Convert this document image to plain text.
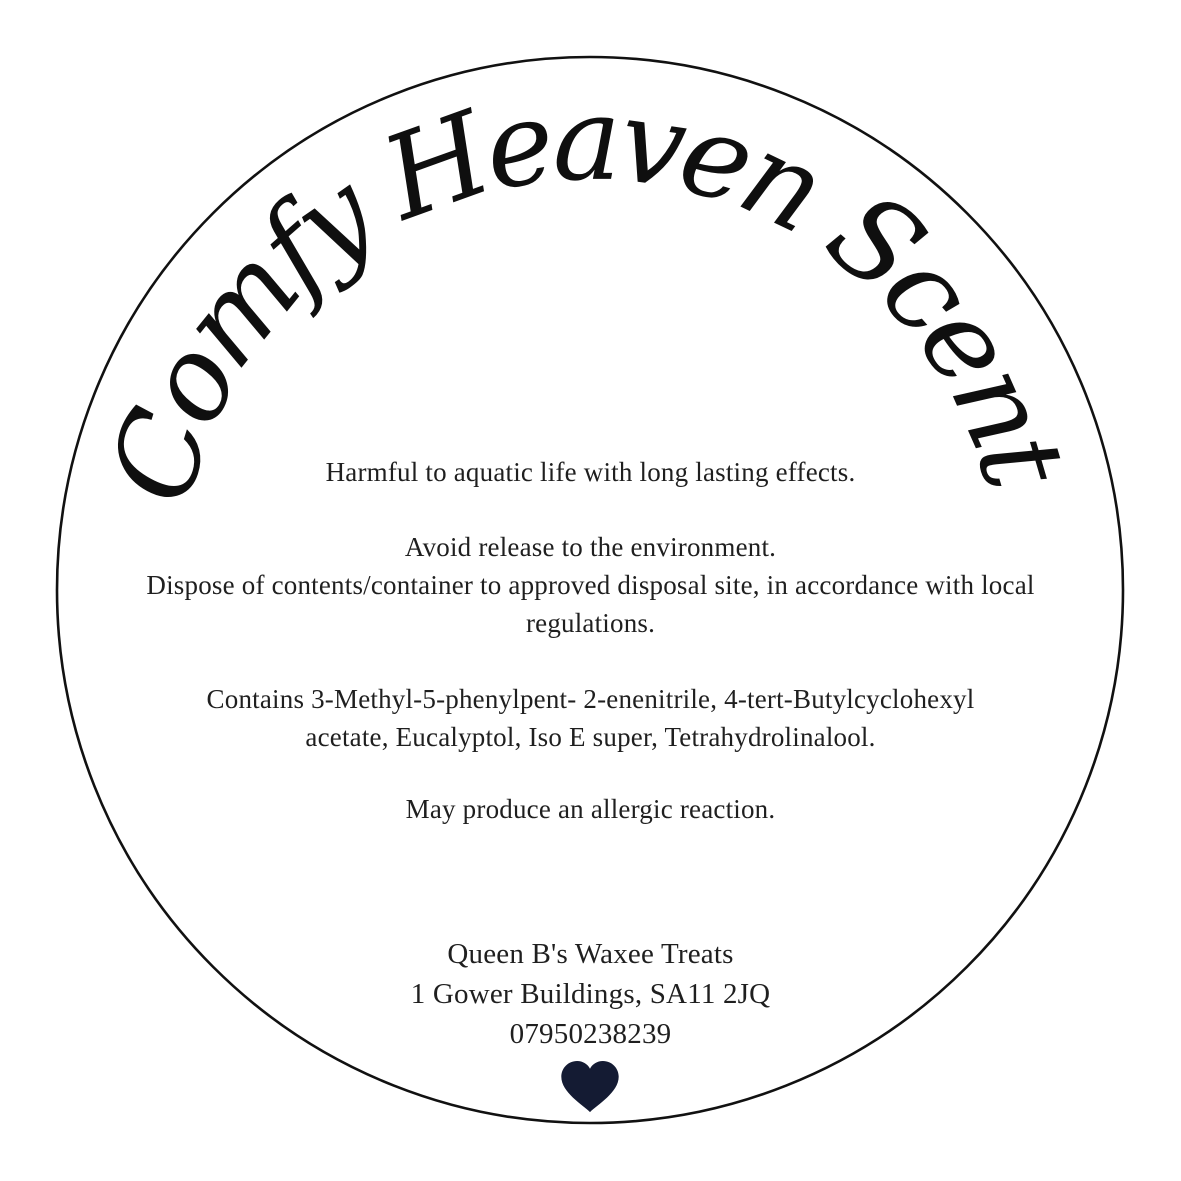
Comfy Heaven Scent
Harmful to aquatic life with long lasting effects.
Avoid release to the environment.
Dispose of contents/container to approved disposal site, in accordance with local
regulations.
Contains 3-Methyl-5-phenylpent- 2-enenitrile, 4-tert-Butylcyclohexyl
acetate, Eucalyptol, Iso E super, Tetrahydrolinalool.
May produce an allergic reaction.
Queen B's Waxee Treats
1 Gower Buildings, SA11 2JQ
07950238239
